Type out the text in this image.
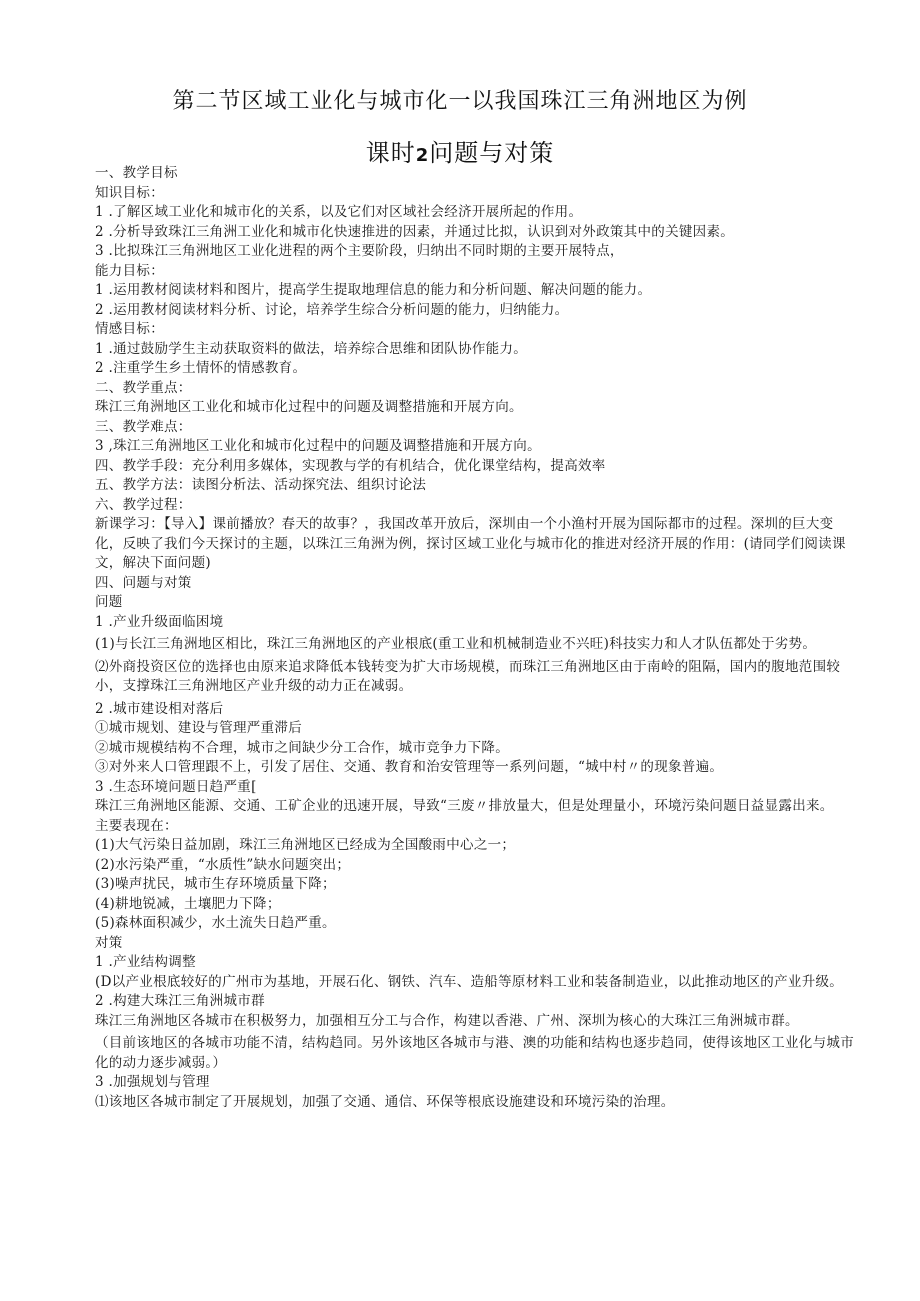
第二节区域工业化与城市化一以我国珠江三角洲地区为例
课时2问题与对策

一、教学目标

知识目标：

1 .了解区域工业化和城市化的关系，以及它们对区域社会经济开展所起的作用。

2 .分析导致珠江三角洲工业化和城市化快速推进的因素，并通过比拟，认识到对外政策其中的关键因素。

3 .比拟珠江三角洲地区工业化进程的两个主要阶段，归纳出不同时期的主要开展特点，

能力目标：

1 .运用教材阅读材料和图片，提高学生提取地理信息的能力和分析问题、解决问题的能力。

2 .运用教材阅读材料分析、讨论，培养学生综合分析问题的能力，归纳能力。

情感目标：

1 .通过鼓励学生主动获取资料的做法，培养综合思维和团队协作能力。

2 .注重学生乡土情怀的情感教育。

二、教学重点：

珠江三角洲地区工业化和城市化过程中的问题及调整措施和开展方向。

三、教学难点：

3 ,珠江三角洲地区工业化和城市化过程中的问题及调整措施和开展方向。

四、教学手段：充分利用多媒体，实现教与学的有机结合，优化课堂结构，提高效率

五、教学方法：读图分析法、活动探究法、组织讨论法

六、教学过程：

新课学习：【导入】课前播放？春天的故事？，我国改革开放后，深圳由一个小渔村开展为国际都市的过程。深圳的巨大变化，反映了我们今天探讨的主题，以珠江三角洲为例，探讨区域工业化与城市化的推进对经济开展的作用：(请同学们阅读课文，解决下面问题)

四、问题与对策

问题

1 .产业升级面临困境

(1)与长江三角洲地区相比，珠江三角洲地区的产业根底(重工业和机械制造业不兴旺)科技实力和人才队伍都处于劣势。

⑵外商投资区位的选择也由原来追求降低本钱转变为扩大市场规模，而珠江三角洲地区由于南岭的阻隔，国内的腹地范围较小，支撑珠江三角洲地区产业升级的动力正在减弱。

2 .城市建设相对落后

①城市规划、建设与管理严重滞后

②城市规模结构不合理，城市之间缺少分工合作，城市竞争力下降。

③对外来人口管理跟不上，引发了居住、交通、教育和治安管理等一系列问题，“城中村〃的现象普遍。

3 .生态环境问题日趋严重[

珠江三角洲地区能源、交通、工矿企业的迅速开展，导致“三废〃排放量大，但是处理量小，环境污染问题日益显露出来。

主要表现在：

(1)大气污染日益加剧，珠江三角洲地区已经成为全国酸雨中心之一；

(2)水污染严重，“水质性”缺水问题突出；

(3)噪声扰民，城市生存环境质量下降；

(4)耕地锐减，土壤肥力下降；

(5)森林面积减少，水土流失日趋严重。

对策

1 .产业结构调整

(D以产业根底较好的广州市为基地，开展石化、钢铁、汽车、造船等原材料工业和装备制造业，以此推动地区的产业升级。

2 .构建大珠江三角洲城市群

珠江三角洲地区各城市在积极努力，加强相互分工与合作，构建以香港、广州、深圳为核心的大珠江三角洲城市群。

（目前该地区的各城市功能不清，结构趋同。另外该地区各城市与港、澳的功能和结构也逐步趋同，使得该地区工业化与城市化的动力逐步减弱。）

3 .加强规划与管理

⑴该地区各城市制定了开展规划，加强了交通、通信、环保等根底设施建设和环境污染的治理。
